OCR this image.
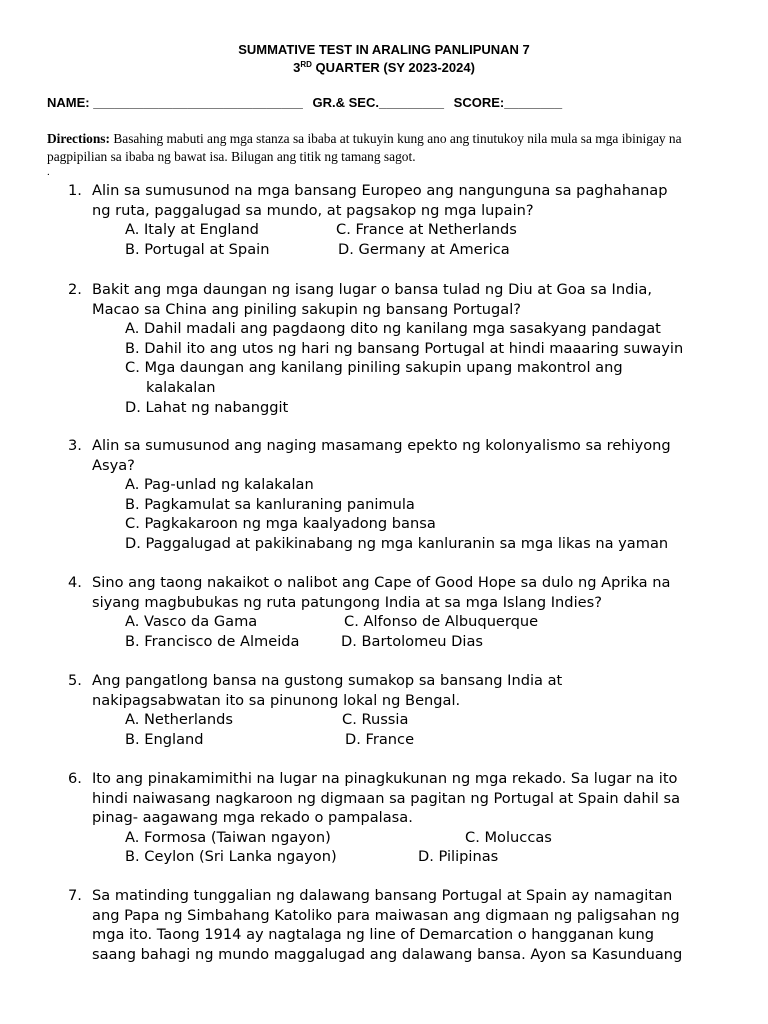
SUMMATIVE TEST IN ARALING PANLIPUNAN 7
3RD QUARTER (SY 2023-2024)
NAME: _____________________________ GR.& SEC._________ SCORE:________
Directions: Basahing mabuti ang mga stanza sa ibaba at tukuyin kung ano ang tinutukoy nila mula sa mga ibinigay na pagpipilian sa ibaba ng bawat isa. Bilugan ang titik ng tamang sagot.
.
1. Alin sa sumusunod na mga bansang Europeo ang nangunguna sa paghahanap
ng ruta, paggalugad sa mundo, at pagsakop ng mga lupain?
A. Italy at England	C. France at Netherlands
B. Portugal at Spain	D. Germany at America
2. Bakit ang mga daungan ng isang lugar o bansa tulad ng Diu at Goa sa India,
Macao sa China ang piniling sakupin ng bansang Portugal?
A. Dahil madali ang pagdaong dito ng kanilang mga sasakyang pandagat
B. Dahil ito ang utos ng hari ng bansang Portugal at hindi maaaring suwayin
C. Mga daungan ang kanilang piniling sakupin upang makontrol ang
kalakalan
D. Lahat ng nabanggit
3. Alin sa sumusunod ang naging masamang epekto ng kolonyalismo sa rehiyong
Asya?
A. Pag-unlad ng kalakalan
B. Pagkamulat sa kanluraning panimula
C. Pagkakaroon ng mga kaalyadong bansa
D. Paggalugad at pakikinabang ng mga kanluranin sa mga likas na yaman
4. Sino ang taong nakaikot o nalibot ang Cape of Good Hope sa dulo ng Aprika na
siyang magbubukas ng ruta patungong India at sa mga Islang Indies?
A. Vasco da Gama	C. Alfonso de Albuquerque
B. Francisco de Almeida	D. Bartolomeu Dias
5. Ang pangatlong bansa na gustong sumakop sa bansang India at
nakipagsabwatan ito sa pinunong lokal ng Bengal.
A. Netherlands	C. Russia
B. England	D. France
6. Ito ang pinakamimithi na lugar na pinagkukunan ng mga rekado. Sa lugar na ito
hindi naiwasang nagkaroon ng digmaan sa pagitan ng Portugal at Spain dahil sa
pinag- aagawang mga rekado o pampalasa.
A. Formosa (Taiwan ngayon)	C. Moluccas
B. Ceylon (Sri Lanka ngayon)	D. Pilipinas
7. Sa matinding tunggalian ng dalawang bansang Portugal at Spain ay namagitan
ang Papa ng Simbahang Katoliko para maiwasan ang digmaan ng paligsahan ng
mga ito. Taong 1914 ay nagtalaga ng line of Demarcation o hangganan kung
saang bahagi ng mundo maggalugad ang dalawang bansa. Ayon sa Kasunduang
